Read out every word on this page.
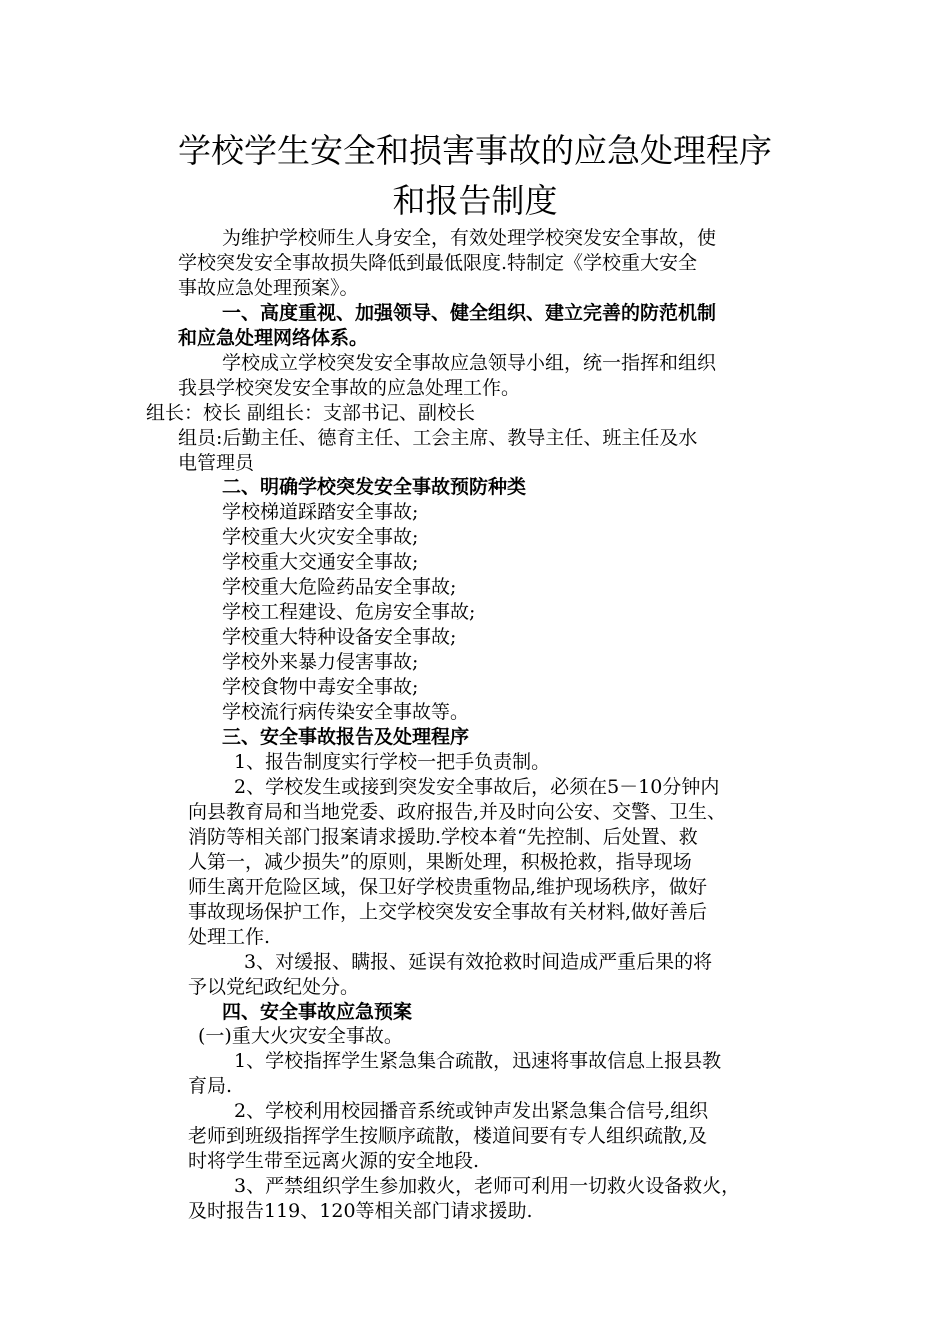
学校学生安全和损害事故的应急处理程序
和报告制度
为维护学校师生人身安全，有效处理学校突发安全事故，使
学校突发安全事故损失降低到最低限度.特制定《学校重大安全
事故应急处理预案》。
一、高度重视、加强领导、健全组织、建立完善的防范机制
和应急处理网络体系。
学校成立学校突发安全事故应急领导小组，统一指挥和组织
我县学校突发安全事故的应急处理工作。
组长：校长 副组长：支部书记、副校长
组员:后勤主任、德育主任、工会主席、教导主任、班主任及水
电管理员
二、明确学校突发安全事故预防种类
学校梯道踩踏安全事故;
学校重大火灾安全事故;
学校重大交通安全事故;
学校重大危险药品安全事故;
学校工程建设、危房安全事故;
学校重大特种设备安全事故;
学校外来暴力侵害事故;
学校食物中毒安全事故;
学校流行病传染安全事故等。
三、安全事故报告及处理程序
1、报告制度实行学校一把手负责制。
2、学校发生或接到突发安全事故后，必须在5－10分钟内
向县教育局和当地党委、政府报告,并及时向公安、交警、卫生、
消防等相关部门报案请求援助.学校本着“先控制、后处置、救
人第一，减少损失”的原则，果断处理，积极抢救，指导现场
师生离开危险区域，保卫好学校贵重物品,维护现场秩序，做好
事故现场保护工作，上交学校突发安全事故有关材料,做好善后
处理工作.
3、对缓报、瞒报、延误有效抢救时间造成严重后果的将
予以党纪政纪处分。
四、安全事故应急预案
(一)重大火灾安全事故。
1、学校指挥学生紧急集合疏散，迅速将事故信息上报县教
育局.
2、学校利用校园播音系统或钟声发出紧急集合信号,组织
老师到班级指挥学生按顺序疏散，楼道间要有专人组织疏散,及
时将学生带至远离火源的安全地段.
3、严禁组织学生参加救火，老师可利用一切救火设备救火，
及时报告119、120等相关部门请求援助.
